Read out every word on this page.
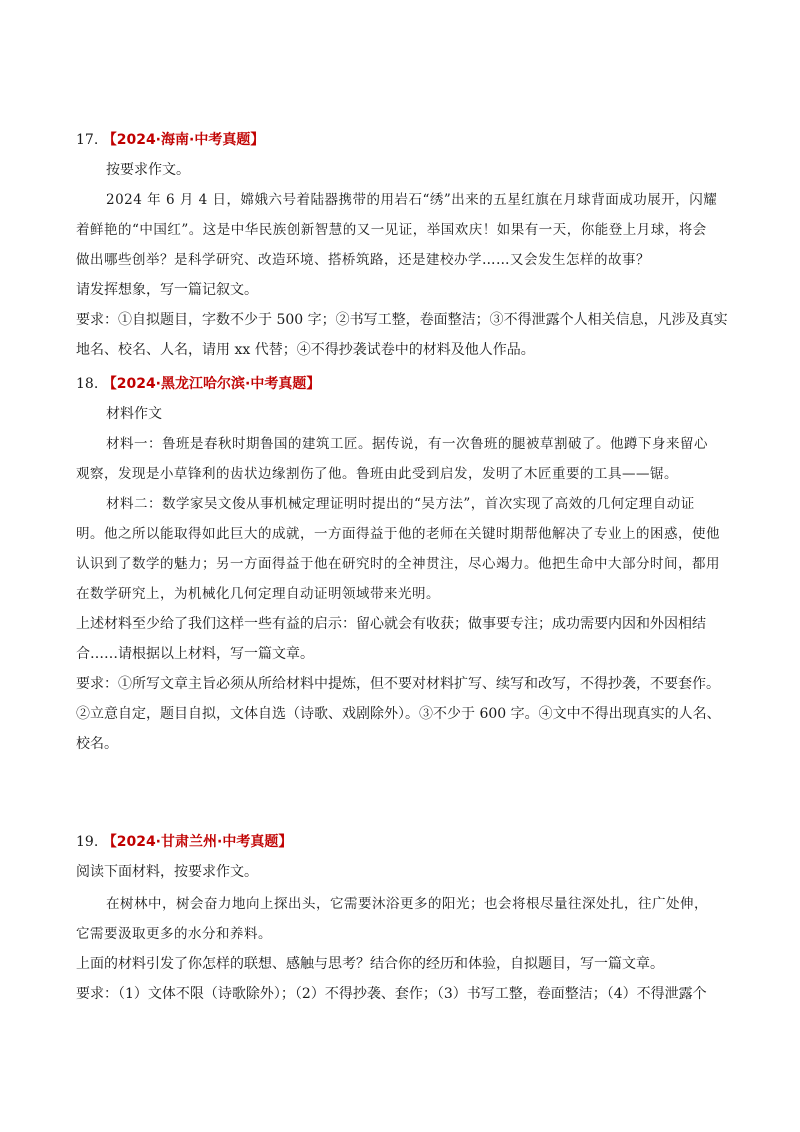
17. 【2024·海南·中考真题】

按要求作文。

2024 年 6 月 4 日，嫦娥六号着陆器携带的用岩石“绣”出来的五星红旗在月球背面成功展开，闪耀

着鲜艳的“中国红”。这是中华民族创新智慧的又一见证，举国欢庆！如果有一天，你能登上月球，将会

做出哪些创举？是科学研究、改造环境、搭桥筑路，还是建校办学……又会发生怎样的故事？

请发挥想象，写一篇记叙文。

要求：①自拟题目，字数不少于 500 字；②书写工整，卷面整洁；③不得泄露个人相关信息，凡涉及真实

地名、校名、人名，请用 xx 代替；④不得抄袭试卷中的材料及他人作品。

18. 【2024·黑龙江哈尔滨·中考真题】

材料作文

材料一：鲁班是春秋时期鲁国的建筑工匠。据传说，有一次鲁班的腿被草割破了。他蹲下身来留心

观察，发现是小草锋利的齿状边缘割伤了他。鲁班由此受到启发，发明了木匠重要的工具——锯。

材料二：数学家吴文俊从事机械定理证明时提出的“吴方法”，首次实现了高效的几何定理自动证

明。他之所以能取得如此巨大的成就，一方面得益于他的老师在关键时期帮他解决了专业上的困惑，使他

认识到了数学的魅力；另一方面得益于他在研究时的全神贯注，尽心竭力。他把生命中大部分时间，都用

在数学研究上，为机械化几何定理自动证明领域带来光明。

上述材料至少给了我们这样一些有益的启示：留心就会有收获；做事要专注；成功需要内因和外因相结

合……请根据以上材料，写一篇文章。

要求：①所写文章主旨必须从所给材料中提炼，但不要对材料扩写、续写和改写，不得抄袭，不要套作。

②立意自定，题目自拟，文体自选（诗歌、戏剧除外）。③不少于 600 字。④文中不得出现真实的人名、

校名。

19. 【2024·甘肃兰州·中考真题】

阅读下面材料，按要求作文。

在树林中，树会奋力地向上探出头，它需要沐浴更多的阳光；也会将根尽量往深处扎，往广处伸，

它需要汲取更多的水分和养料。

上面的材料引发了你怎样的联想、感触与思考？结合你的经历和体验，自拟题目，写一篇文章。

要求：（1）文体不限（诗歌除外）；（2）不得抄袭、套作；（3）书写工整，卷面整洁；（4）不得泄露个
